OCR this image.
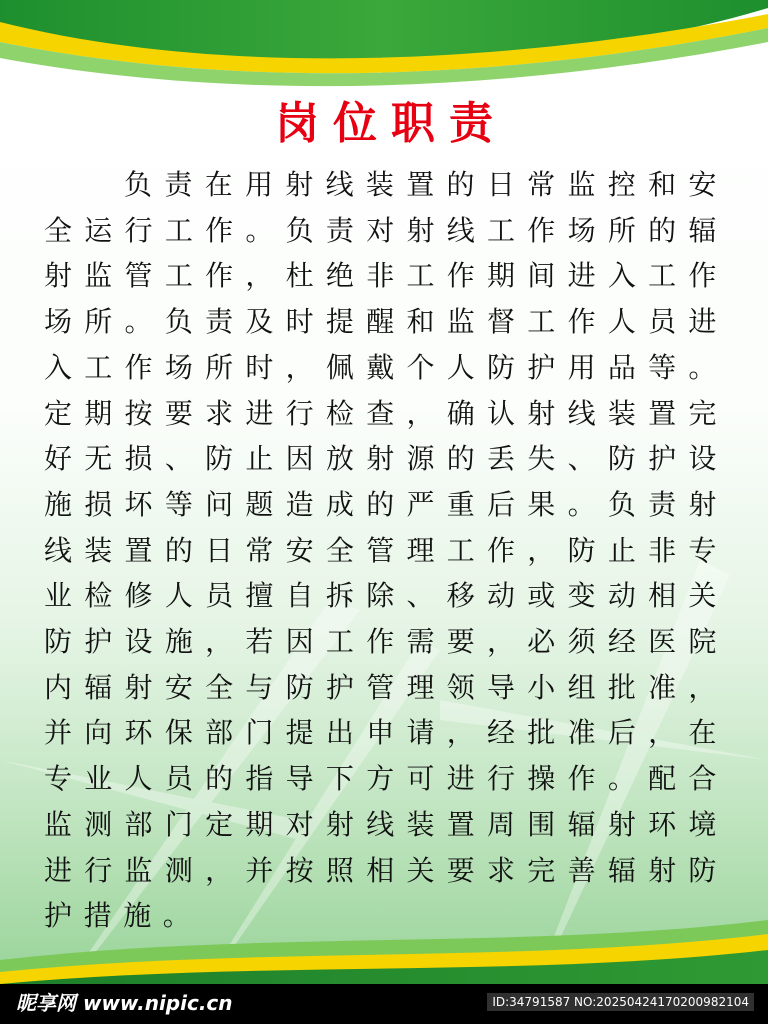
岗位职责

负责在用射线装置的日常监控和安全运行工作。负责对射线工作场所的辐射监管工作，杜绝非工作期间进入工作场所。负责及时提醒和监督工作人员进入工作场所时，佩戴个人防护用品等。定期按要求进行检查，确认射线装置完好无损、防止因放射源的丢失、防护设施损坏等问题造成的严重后果。负责射线装置的日常安全管理工作，防止非专业检修人员擅自拆除、移动或变动相关防护设施，若因工作需要，必须经医院内辐射安全与防护管理领导小组批准，并向环保部门提出申请，经批准后，在专业人员的指导下方可进行操作。配合监测部门定期对射线装置周围辐射环境进行监测，并按照相关要求完善辐射防护措施。

昵享网 www.nipic.cn	ID:34791587 NO:20250424170200982104
